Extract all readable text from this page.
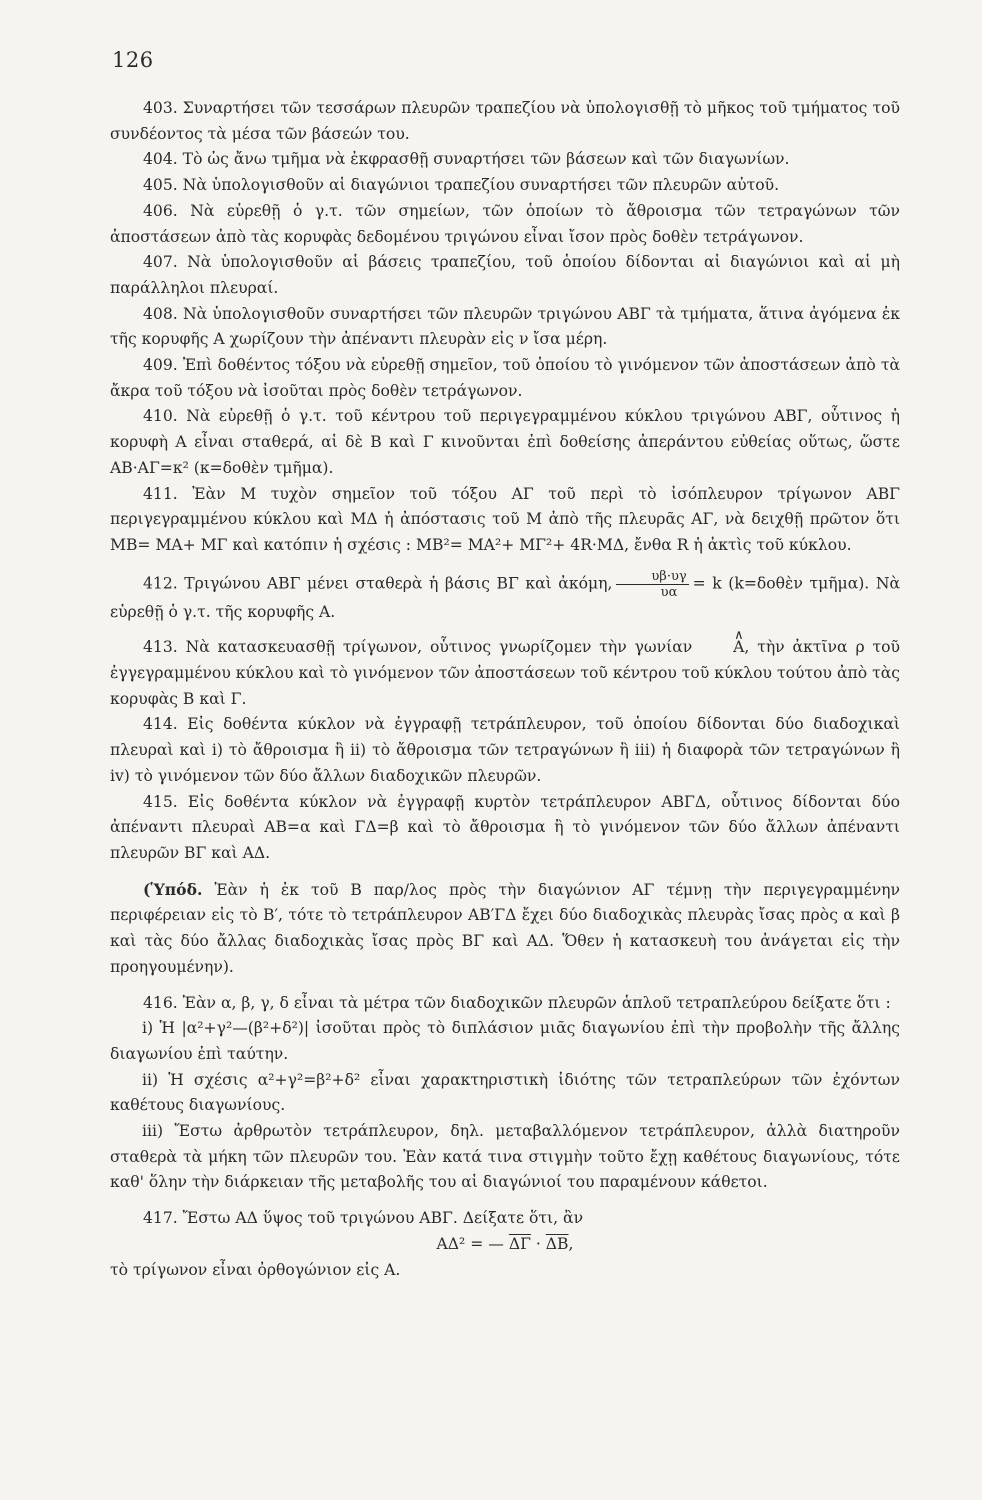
126

403. Συναρτήσει τῶν τεσσάρων πλευρῶν τραπεζίου νὰ ὑπολογισθῇ τὸ μῆκος τοῦ τμήματος τοῦ συνδέοντος τὰ μέσα τῶν βάσεών του.

404. Τὸ ὡς ἄνω τμῆμα νὰ ἐκφρασθῇ συναρτήσει τῶν βάσεων καὶ τῶν διαγωνίων.

405. Νὰ ὑπολογισθοῦν αἱ διαγώνιοι τραπεζίου συναρτήσει τῶν πλευρῶν αὐτοῦ.

406. Νὰ εὑρεθῇ ὁ γ.τ. τῶν σημείων, τῶν ὁποίων τὸ ἄθροισμα τῶν τετραγώνων τῶν ἀποστάσεων ἀπὸ τὰς κορυφὰς δεδομένου τριγώνου εἶναι ἴσον πρὸς δοθὲν τετράγωνον.

407. Νὰ ὑπολογισθοῦν αἱ βάσεις τραπεζίου, τοῦ ὁποίου δίδονται αἱ διαγώνιοι καὶ αἱ μὴ παράλληλοι πλευραί.

408. Νὰ ὑπολογισθοῦν συναρτήσει τῶν πλευρῶν τριγώνου ΑΒΓ τὰ τμήματα, ἅτινα ἀγόμενα ἐκ τῆς κορυφῆς Α χωρίζουν τὴν ἀπέναντι πλευρὰν εἰς ν ἴσα μέρη.

409. Ἐπὶ δοθέντος τόξου νὰ εὑρεθῇ σημεῖον, τοῦ ὁποίου τὸ γινόμενον τῶν ἀποστάσεων ἀπὸ τὰ ἄκρα τοῦ τόξου νὰ ἰσοῦται πρὸς δοθὲν τετράγωνον.

410. Νὰ εὑρεθῇ ὁ γ.τ. τοῦ κέντρου τοῦ περιγεγραμμένου κύκλου τριγώνου ΑΒΓ, οὗτινος ἡ κορυφὴ Α εἶναι σταθερά, αἱ δὲ Β καὶ Γ κινοῦνται ἐπὶ δοθείσης ἀπεράντου εὐθείας οὕτως, ὥστε ΑΒ·ΑΓ=κ² (κ=δοθὲν τμῆμα).

411. Ἐὰν Μ τυχὸν σημεῖον τοῦ τόξου ΑΓ τοῦ περὶ τὸ ἰσόπλευρον τρίγωνον ΑΒΓ περιγεγραμμένου κύκλου καὶ ΜΔ ἡ ἀπόστασις τοῦ Μ ἀπὸ τῆς πλευρᾶς ΑΓ, νὰ δειχθῇ πρῶτον ὅτι ΜΒ= ΜΑ+ ΜΓ καὶ κατόπιν ἡ σχέσις : ΜΒ²= ΜΑ²+ ΜΓ²+ 4R·ΜΔ, ἔνθα R ἡ ἀκτὶς τοῦ κύκλου.

412. Τριγώνου ΑΒΓ μένει σταθερὰ ἡ βάσις ΒΓ καὶ ἀκόμη, $\frac{\upsilon\beta\cdot\upsilon\gamma}{\upsilon\alpha} = k$ (k=δοθὲν τμῆμα). Νὰ εὑρεθῇ ὁ γ.τ. τῆς κορυφῆς Α.

413. Νὰ κατασκευασθῇ τρίγωνον, οὗτινος γνωρίζομεν τὴν γωνίαν	∧ Α, τὴν ἀκτῖνα ρ τοῦ ἐγγεγραμμένου κύκλου καὶ τὸ γινόμενον τῶν ἀποστάσεων τοῦ κέντρου τοῦ κύκλου τούτου ἀπὸ τὰς κορυφὰς Β καὶ Γ.

414. Εἰς δοθέντα κύκλον νὰ ἐγγραφῇ τετράπλευρον, τοῦ ὁποίου δίδονται δύο διαδοχικαὶ πλευραὶ καὶ i) τὸ ἄθροισμα ἢ ii) τὸ ἄθροισμα τῶν τετραγώνων ἢ iii) ἡ διαφορὰ τῶν τετραγώνων ἢ iv) τὸ γινόμενον τῶν δύο ἄλλων διαδοχικῶν πλευρῶν.

415. Εἰς δοθέντα κύκλον νὰ ἐγγραφῇ κυρτὸν τετράπλευρον ΑΒΓΔ, οὗτινος δίδονται δύο ἀπέναντι πλευραὶ ΑΒ=α καὶ ΓΔ=β καὶ τὸ ἄθροισμα ἢ τὸ γινόμενον τῶν δύο ἄλλων ἀπέναντι πλευρῶν ΒΓ καὶ ΑΔ.

(Ὑπόδ. Ἐὰν ἡ ἐκ τοῦ Β παρ/λος πρὸς τὴν διαγώνιον ΑΓ τέμνῃ τὴν περιγεγραμμένην περιφέρειαν εἰς τὸ Β′, τότε τὸ τετράπλευρον ΑΒ′ΓΔ ἔχει δύο διαδοχικὰς πλευρὰς ἴσας πρὸς α καὶ β καὶ τὰς δύο ἄλλας διαδοχικὰς ἴσας πρὸς ΒΓ καὶ ΑΔ. Ὅθεν ἡ κατασκευὴ του ἀνάγεται εἰς τὴν προηγουμένην).

416. Ἐὰν α, β, γ, δ εἶναι τὰ μέτρα τῶν διαδοχικῶν πλευρῶν ἁπλοῦ τετραπλεύρου δείξατε ὅτι :

i) Ἡ |α²+γ²—(β²+δ²)| ἰσοῦται πρὸς τὸ διπλάσιον μιᾶς διαγωνίου ἐπὶ τὴν προβολὴν τῆς ἄλλης διαγωνίου ἐπὶ ταύτην.

ii) Ἡ σχέσις α²+γ²=β²+δ² εἶναι χαρακτηριστικὴ ἰδιότης τῶν τετραπλεύρων τῶν ἐχόντων καθέτους διαγωνίους.

iii) Ἔστω ἀρθρωτὸν τετράπλευρον, δηλ. μεταβαλλόμενον τετράπλευρον, ἀλλὰ διατηροῦν σταθερὰ τὰ μήκη τῶν πλευρῶν του. Ἐὰν κατά τινα στιγμὴν τοῦτο ἔχῃ καθέτους διαγωνίους, τότε καθ' ὅλην τὴν διάρκειαν τῆς μεταβολῆς του αἱ διαγώνιοί του παραμένουν κάθετοι.

417. Ἔστω ΑΔ ὕψος τοῦ τριγώνου ΑΒΓ. Δείξατε ὅτι, ἂν

ΑΔ² = — $\overline{\Delta\Gamma} \cdot \overline{\Delta B}$,

τὸ τρίγωνον εἶναι ὀρθογώνιον εἰς Α.
